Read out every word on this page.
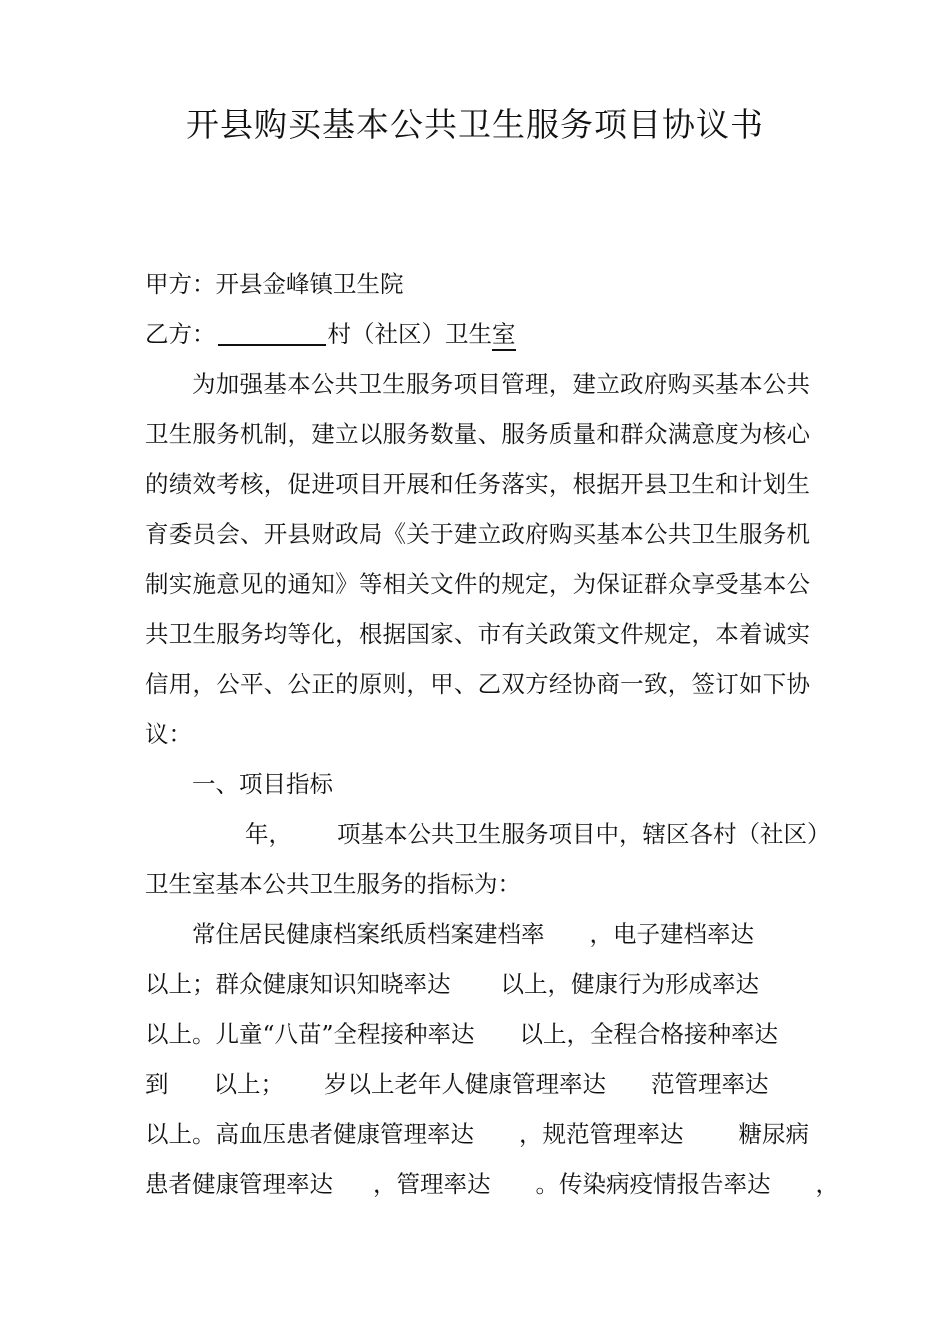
开县购买基本公共卫生服务项目协议书
甲方：开县金峰镇卫生院
乙方：	村（社区）卫生室
为加强基本公共卫生服务项目管理，建立政府购买基本公共
卫生服务机制，建立以服务数量、服务质量和群众满意度为核心
的绩效考核，促进项目开展和任务落实，根据开县卫生和计划生
育委员会、开县财政局《关于建立政府购买基本公共卫生服务机
制实施意见的通知》等相关文件的规定，为保证群众享受基本公
共卫生服务均等化，根据国家、市有关政策文件规定，本着诚实
信用，公平、公正的原则，甲、乙双方经协商一致，签订如下协
议：
一、项目指标
年， 项基本公共卫生服务项目中，辖区各村（社区）
卫生室基本公共卫生服务的指标为：
常住居民健康档案纸质档案建档率 ，电子建档率达
以上；群众健康知识知晓率达 以上，健康行为形成率达
以上。儿童“八苗”全程接种率达 以上，全程合格接种率达
到 以上； 岁以上老年人健康管理率达 范管理率达
以上。高血压患者健康管理率达 ，规范管理率达 糖尿病
患者健康管理率达 ，管理率达 。传染病疫情报告率达 ，
